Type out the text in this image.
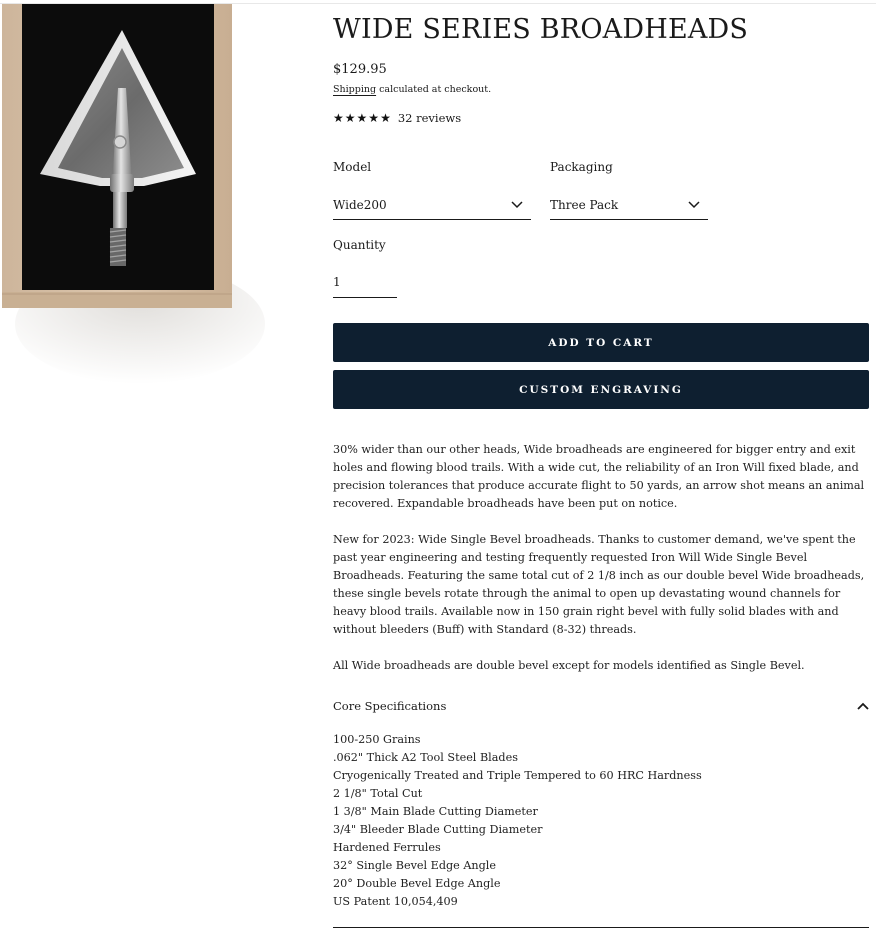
WIDE SERIES BROADHEADS
$129.95
Shipping calculated at checkout.
★ ★ ★ ★ ★ 32 reviews
Model
Wide200
Packaging
Three Pack
Quantity
1
ADD TO CART
CUSTOM ENGRAVING

30% wider than our other heads, Wide broadheads are engineered for bigger entry and exit holes and flowing blood trails. With a wide cut, the reliability of an Iron Will fixed blade, and precision tolerances that produce accurate flight to 50 yards, an arrow shot means an animal recovered. Expandable broadheads have been put on notice.

New for 2023: Wide Single Bevel broadheads. Thanks to customer demand, we've spent the past year engineering and testing frequently requested Iron Will Wide Single Bevel Broadheads. Featuring the same total cut of 2 1/8 inch as our double bevel Wide broadheads, these single bevels rotate through the animal to open up devastating wound channels for heavy blood trails. Available now in 150 grain right bevel with fully solid blades with and without bleeders (Buff) with Standard (8-32) threads.

All Wide broadheads are double bevel except for models identified as Single Bevel.

Core Specifications
100-250 Grains
.062" Thick A2 Tool Steel Blades
Cryogenically Treated and Triple Tempered to 60 HRC Hardness
2 1/8" Total Cut
1 3/8" Main Blade Cutting Diameter
3/4" Bleeder Blade Cutting Diameter
Hardened Ferrules
32° Single Bevel Edge Angle
20° Double Bevel Edge Angle
US Patent 10,054,409
